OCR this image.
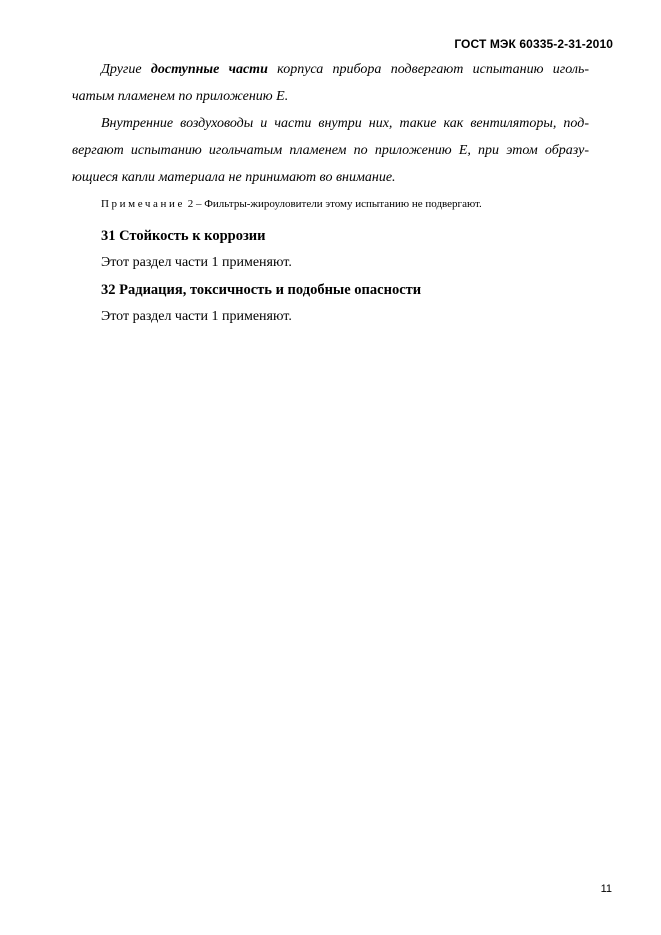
ГОСТ МЭК 60335-2-31-2010
Другие доступные части корпуса прибора подвергают испытанию иголь-
чатым пламенем по приложению Е.
Внутренние воздуховоды и части внутри них, такие как вентиляторы, под-
вергают испытанию игольчатым пламенем по приложению Е, при этом образу-
ющиеся капли материала не принимают во внимание.
Примечание 2 – Фильтры-жироуловители этому испытанию не подвергают.
31 Стойкость к коррозии
Этот раздел части 1 применяют.
32 Радиация, токсичность и подобные опасности
Этот раздел части 1 применяют.
11
